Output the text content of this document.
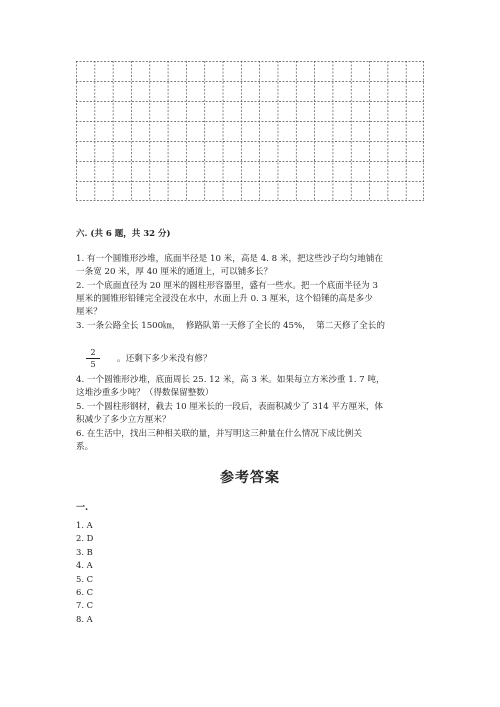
六. (共 6 题，共 32 分)
1. 有一个圆锥形沙堆，底面半径是 10 米，高是 4. 8 米，把这些沙子均匀地铺在
一条宽 20 米，厚 40 厘米的通道上，可以铺多长？
2. 一个底面直径为 20 厘米的圆柱形容器里，盛有一些水。把一个底面半径为 3
厘米的圆锥形铅锤完全浸没在水中，水面上升 0. 3 厘米，这个铅锤的高是多少
厘米？
3. 一条公路全长 1500㎞，  修路队第一天修了全长的 45%，  第二天修了全长的
$\frac{2}{5}$ 。还剩下多少米没有修？
4. 一个圆锥形沙堆，底面周长 25. 12 米，高 3 米。如果每立方米沙重 1. 7 吨，
这堆沙重多少吨？（得数保留整数）
5. 一个圆柱形钢材，截去 10 厘米长的一段后，表面积减少了 314 平方厘米，体
积减少了多少立方厘米？
6. 在生活中，找出三种相关联的量，并写明这三种量在什么情况下成比例关
系。
参考答案
一.
1. A
2. D
3. B
4. A
5. C
6. C
7. C
8. A
